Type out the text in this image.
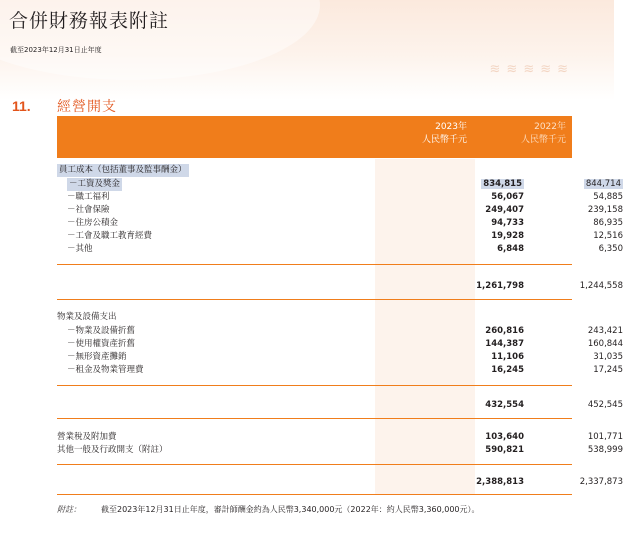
≋≋≋≋≋
合併財務報表附註
截至2023年12月31日止年度
11. 經營開支
2023年
人民幣千元
2022年
人民幣千元
員工成本（包括董事及監事酬金）
－工資及獎金	834,815	844,714
－職工福利	56,067	54,885
－社會保險	249,407	239,158
－住房公積金	94,733	86,935
－工會及職工教育經費	19,928	12,516
－其他	6,848	6,350
1,261,798	1,244,558
物業及設備支出
－物業及設備折舊	260,816	243,421
－使用權資產折舊	144,387	160,844
－無形資產攤銷	11,106	31,035
－租金及物業管理費	16,245	17,245
432,554	452,545
營業稅及附加費	103,640	101,771
其他一般及行政開支（附註）	590,821	538,999
2,388,813	2,337,873
附註：	截至2023年12月31日止年度，審計師酬金約為人民幣3,340,000元（2022年：約人民幣3,360,000元）。
